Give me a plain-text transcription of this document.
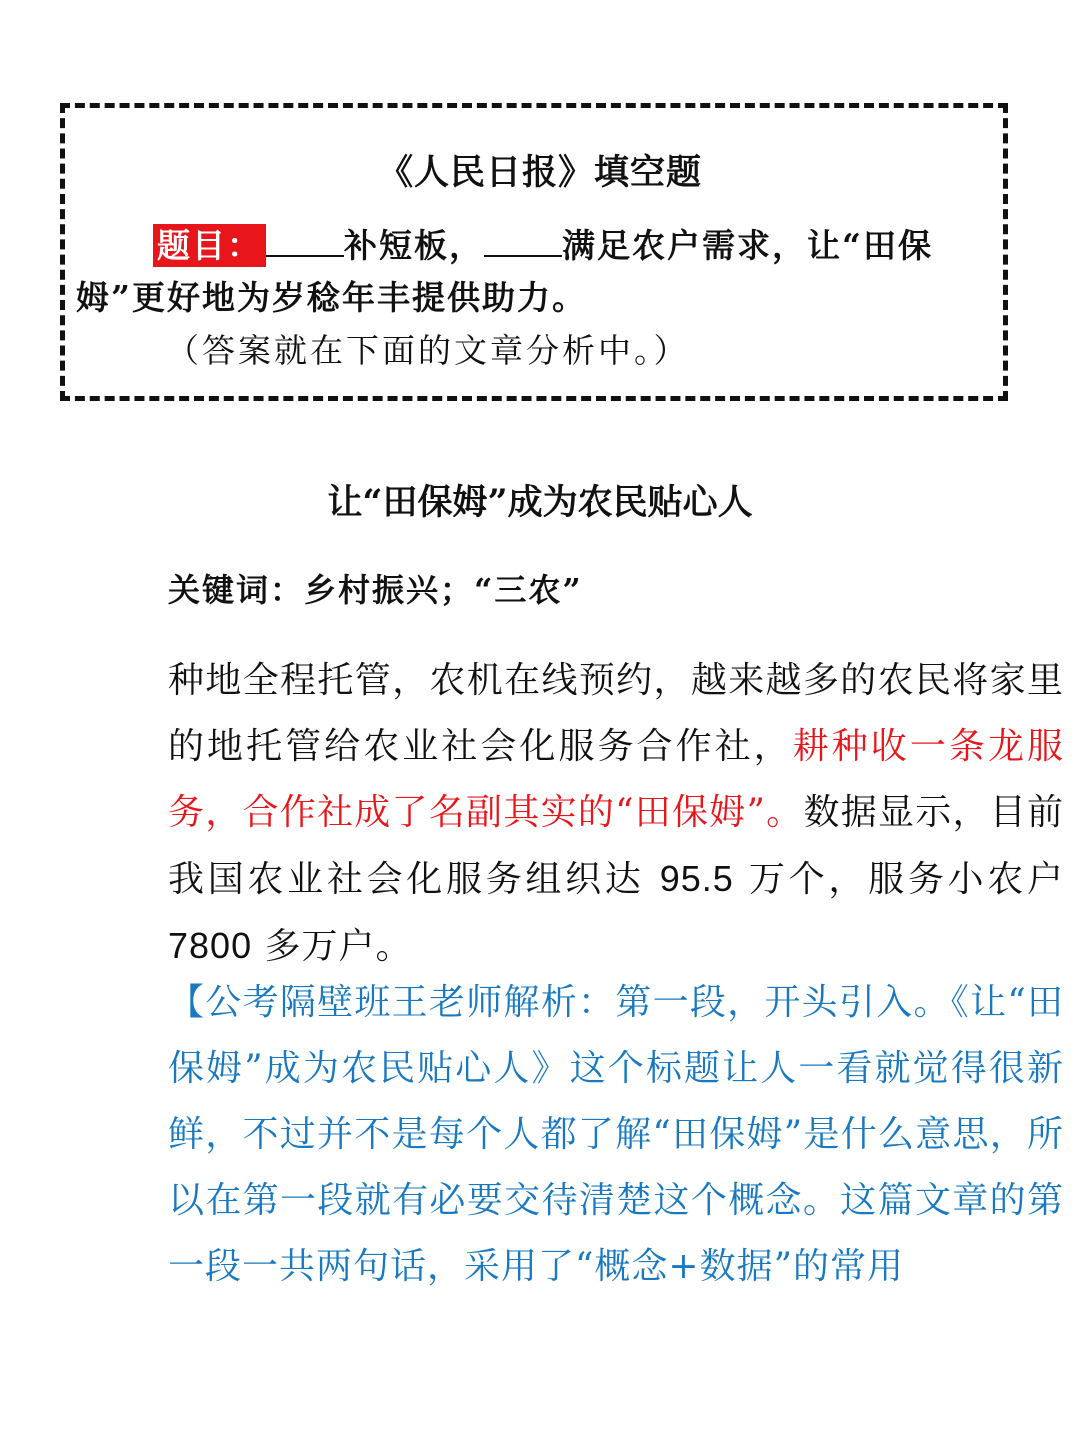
《人民日报》填空题
题目： 补短板， 满足农户需求，让“田保
姆”更好地为岁稔年丰提供助力。
（答案就在下面的文章分析中。）
让“田保姆”成为农民贴心人
关键词：乡村振兴；“三农”
种地全程托管，农机在线预约，越来越多的农民将家里的地托管给农业社会化服务合作社，耕种收一条龙服务，合作社成了名副其实的“田保姆”。数据显示，目前我国农业社会化服务组织达 95.5 万个，服务小农户 7800 多万户。
【公考隔壁班王老师解析：第一段，开头引入。《让“田保姆”成为农民贴心人》这个标题让人一看就觉得很新鲜，不过并不是每个人都了解“田保姆”是什么意思，所以在第一段就有必要交待清楚这个概念。这篇文章的第一段一共两句话，采用了“概念+数据”的常用
